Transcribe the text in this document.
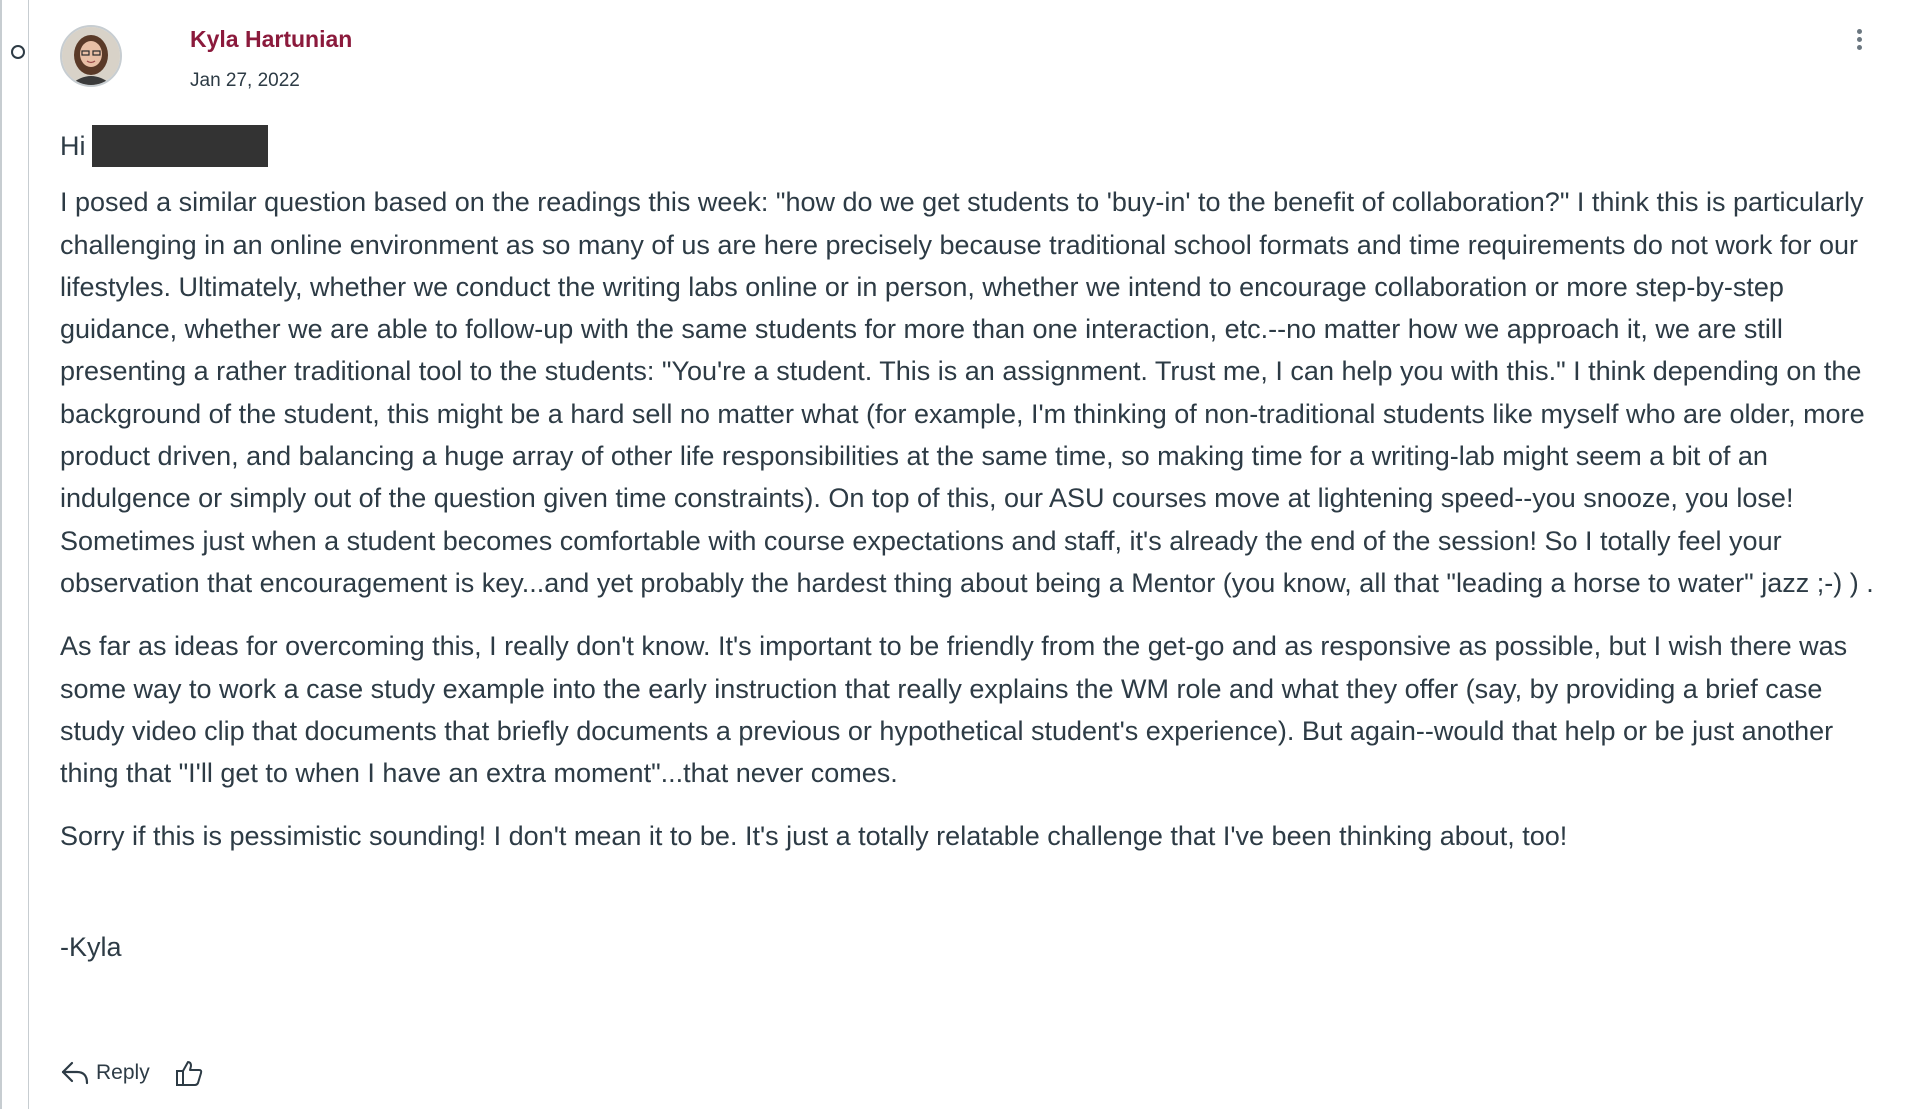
Kyla Hartunian
Jan 27, 2022

Hi

I posed a similar question based on the readings this week: "how do we get students to 'buy-in' to the benefit of collaboration?" I think this is particularly challenging in an online environment as so many of us are here precisely because traditional school formats and time requirements do not work for our lifestyles. Ultimately, whether we conduct the writing labs online or in person, whether we intend to encourage collaboration or more step-by-step guidance, whether we are able to follow-up with the same students for more than one interaction, etc.--no matter how we approach it, we are still presenting a rather traditional tool to the students: "You're a student. This is an assignment. Trust me, I can help you with this." I think depending on the background of the student, this might be a hard sell no matter what (for example, I'm thinking of non-traditional students like myself who are older, more product driven, and balancing a huge array of other life responsibilities at the same time, so making time for a writing-lab might seem a bit of an indulgence or simply out of the question given time constraints). On top of this, our ASU courses move at lightening speed--you snooze, you lose! Sometimes just when a student becomes comfortable with course expectations and staff, it's already the end of the session! So I totally feel your observation that encouragement is key...and yet probably the hardest thing about being a Mentor (you know, all that "leading a horse to water" jazz ;-) ) .

As far as ideas for overcoming this, I really don't know. It's important to be friendly from the get-go and as responsive as possible, but I wish there was some way to work a case study example into the early instruction that really explains the WM role and what they offer (say, by providing a brief case study video clip that documents that briefly documents a previous or hypothetical student's experience). But again--would that help or be just another thing that "I'll get to when I have an extra moment"...that never comes.

Sorry if this is pessimistic sounding! I don't mean it to be. It's just a totally relatable challenge that I've been thinking about, too!

-Kyla

Reply
